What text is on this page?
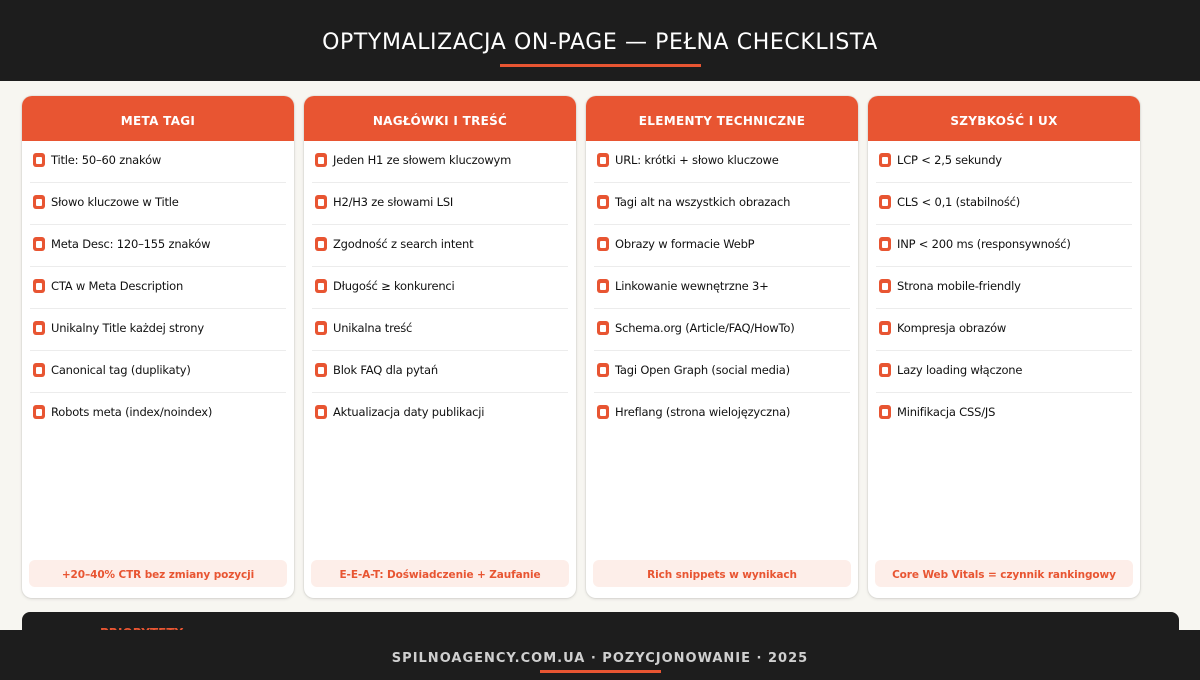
OPTYMALIZACJA ON-PAGE — PEŁNA CHECKLISTA
META TAGI
Title: 50–60 znaków
Słowo kluczowe w Title
Meta Desc: 120–155 znaków
CTA w Meta Description
Unikalny Title każdej strony
Canonical tag (duplikaty)
Robots meta (index/noindex)
+20–40% CTR bez zmiany pozycji
NAGŁÓWKI I TREŚĆ
Jeden H1 ze słowem kluczowym
H2/H3 ze słowami LSI
Zgodność z search intent
Długość ≥ konkurenci
Unikalna treść
Blok FAQ dla pytań
Aktualizacja daty publikacji
E-E-A-T: Doświadczenie + Zaufanie
ELEMENTY TECHNICZNE
URL: krótki + słowo kluczowe
Tagi alt na wszystkich obrazach
Obrazy w formacie WebP
Linkowanie wewnętrzne 3+
Schema.org (Article/FAQ/HowTo)
Tagi Open Graph (social media)
Hreflang (strona wielojęzyczna)
Rich snippets w wynikach
SZYBKOŚĆ I UX
LCP < 2,5 sekundy
CLS < 0,1 (stabilność)
INP < 200 ms (responsywność)
Strona mobile-friendly
Kompresja obrazów
Lazy loading włączone
Minifikacja CSS/JS
Core Web Vitals = czynnik rankingowy
SPILNOAGENCY.COM.UA · POZYCJONOWANIE · 2025
